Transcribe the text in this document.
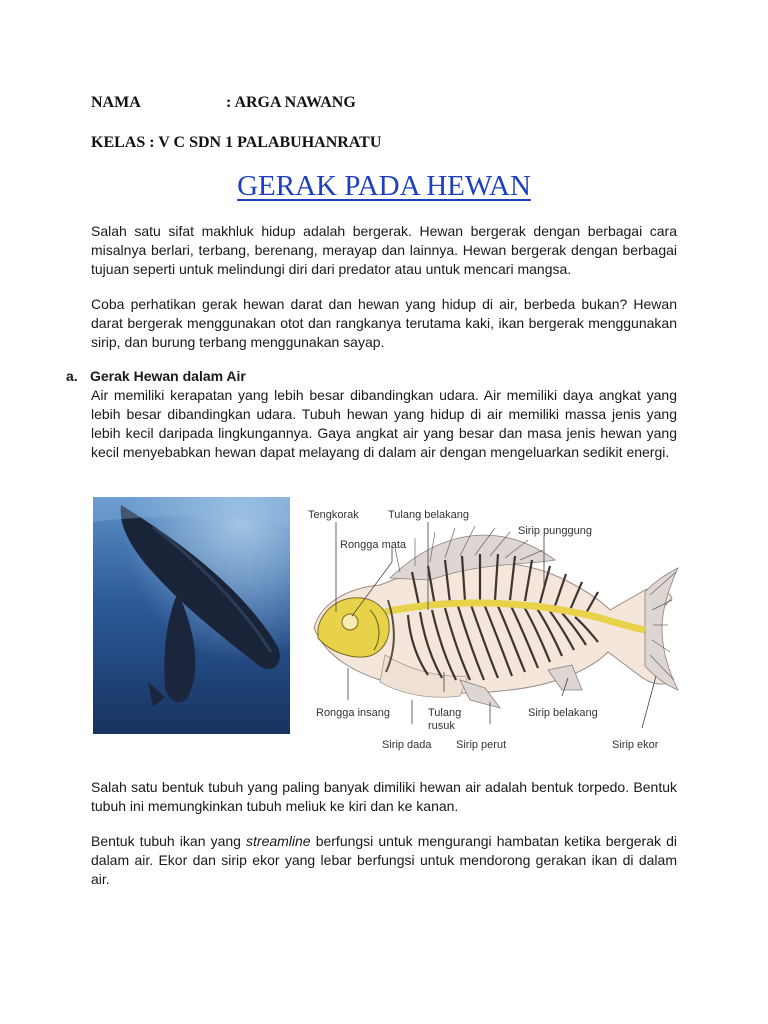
NAMA	: ARGA NAWANG
KELAS : V C SDN 1 PALABUHANRATU
GERAK PADA HEWAN

Salah satu sifat makhluk hidup adalah bergerak. Hewan bergerak dengan berbagai cara misalnya berlari, terbang, berenang, merayap dan lainnya. Hewan bergerak dengan berbagai tujuan seperti untuk melindungi diri dari predator atau untuk mencari mangsa.

Coba perhatikan gerak hewan darat dan hewan yang hidup di air, berbeda bukan? Hewan darat bergerak menggunakan otot dan rangkanya terutama kaki, ikan bergerak menggunakan sirip, dan burung terbang menggunakan sayap.

a. Gerak Hewan dalam Air

Air memiliki kerapatan yang lebih besar dibandingkan udara. Air memiliki daya angkat yang lebih besar dibandingkan udara. Tubuh hewan yang hidup di air memiliki massa jenis yang lebih kecil daripada lingkungannya. Gaya angkat air yang besar dan masa jenis hewan yang kecil menyebabkan hewan dapat melayang di dalam air dengan mengeluarkan sedikit energi.

Tengkorak	Tulang belakang
Sirip punggung
Rongga mata
Rongga insang	Tulang
rusuk
Sirip belakang
Sirip dada Sirip perut	Sirip ekor

Salah satu bentuk tubuh yang paling banyak dimiliki hewan air adalah bentuk torpedo. Bentuk tubuh ini memungkinkan tubuh meliuk ke kiri dan ke kanan.

Bentuk tubuh ikan yang streamline berfungsi untuk mengurangi hambatan ketika bergerak di dalam air. Ekor dan sirip ekor yang lebar berfungsi untuk mendorong gerakan ikan di dalam air.
